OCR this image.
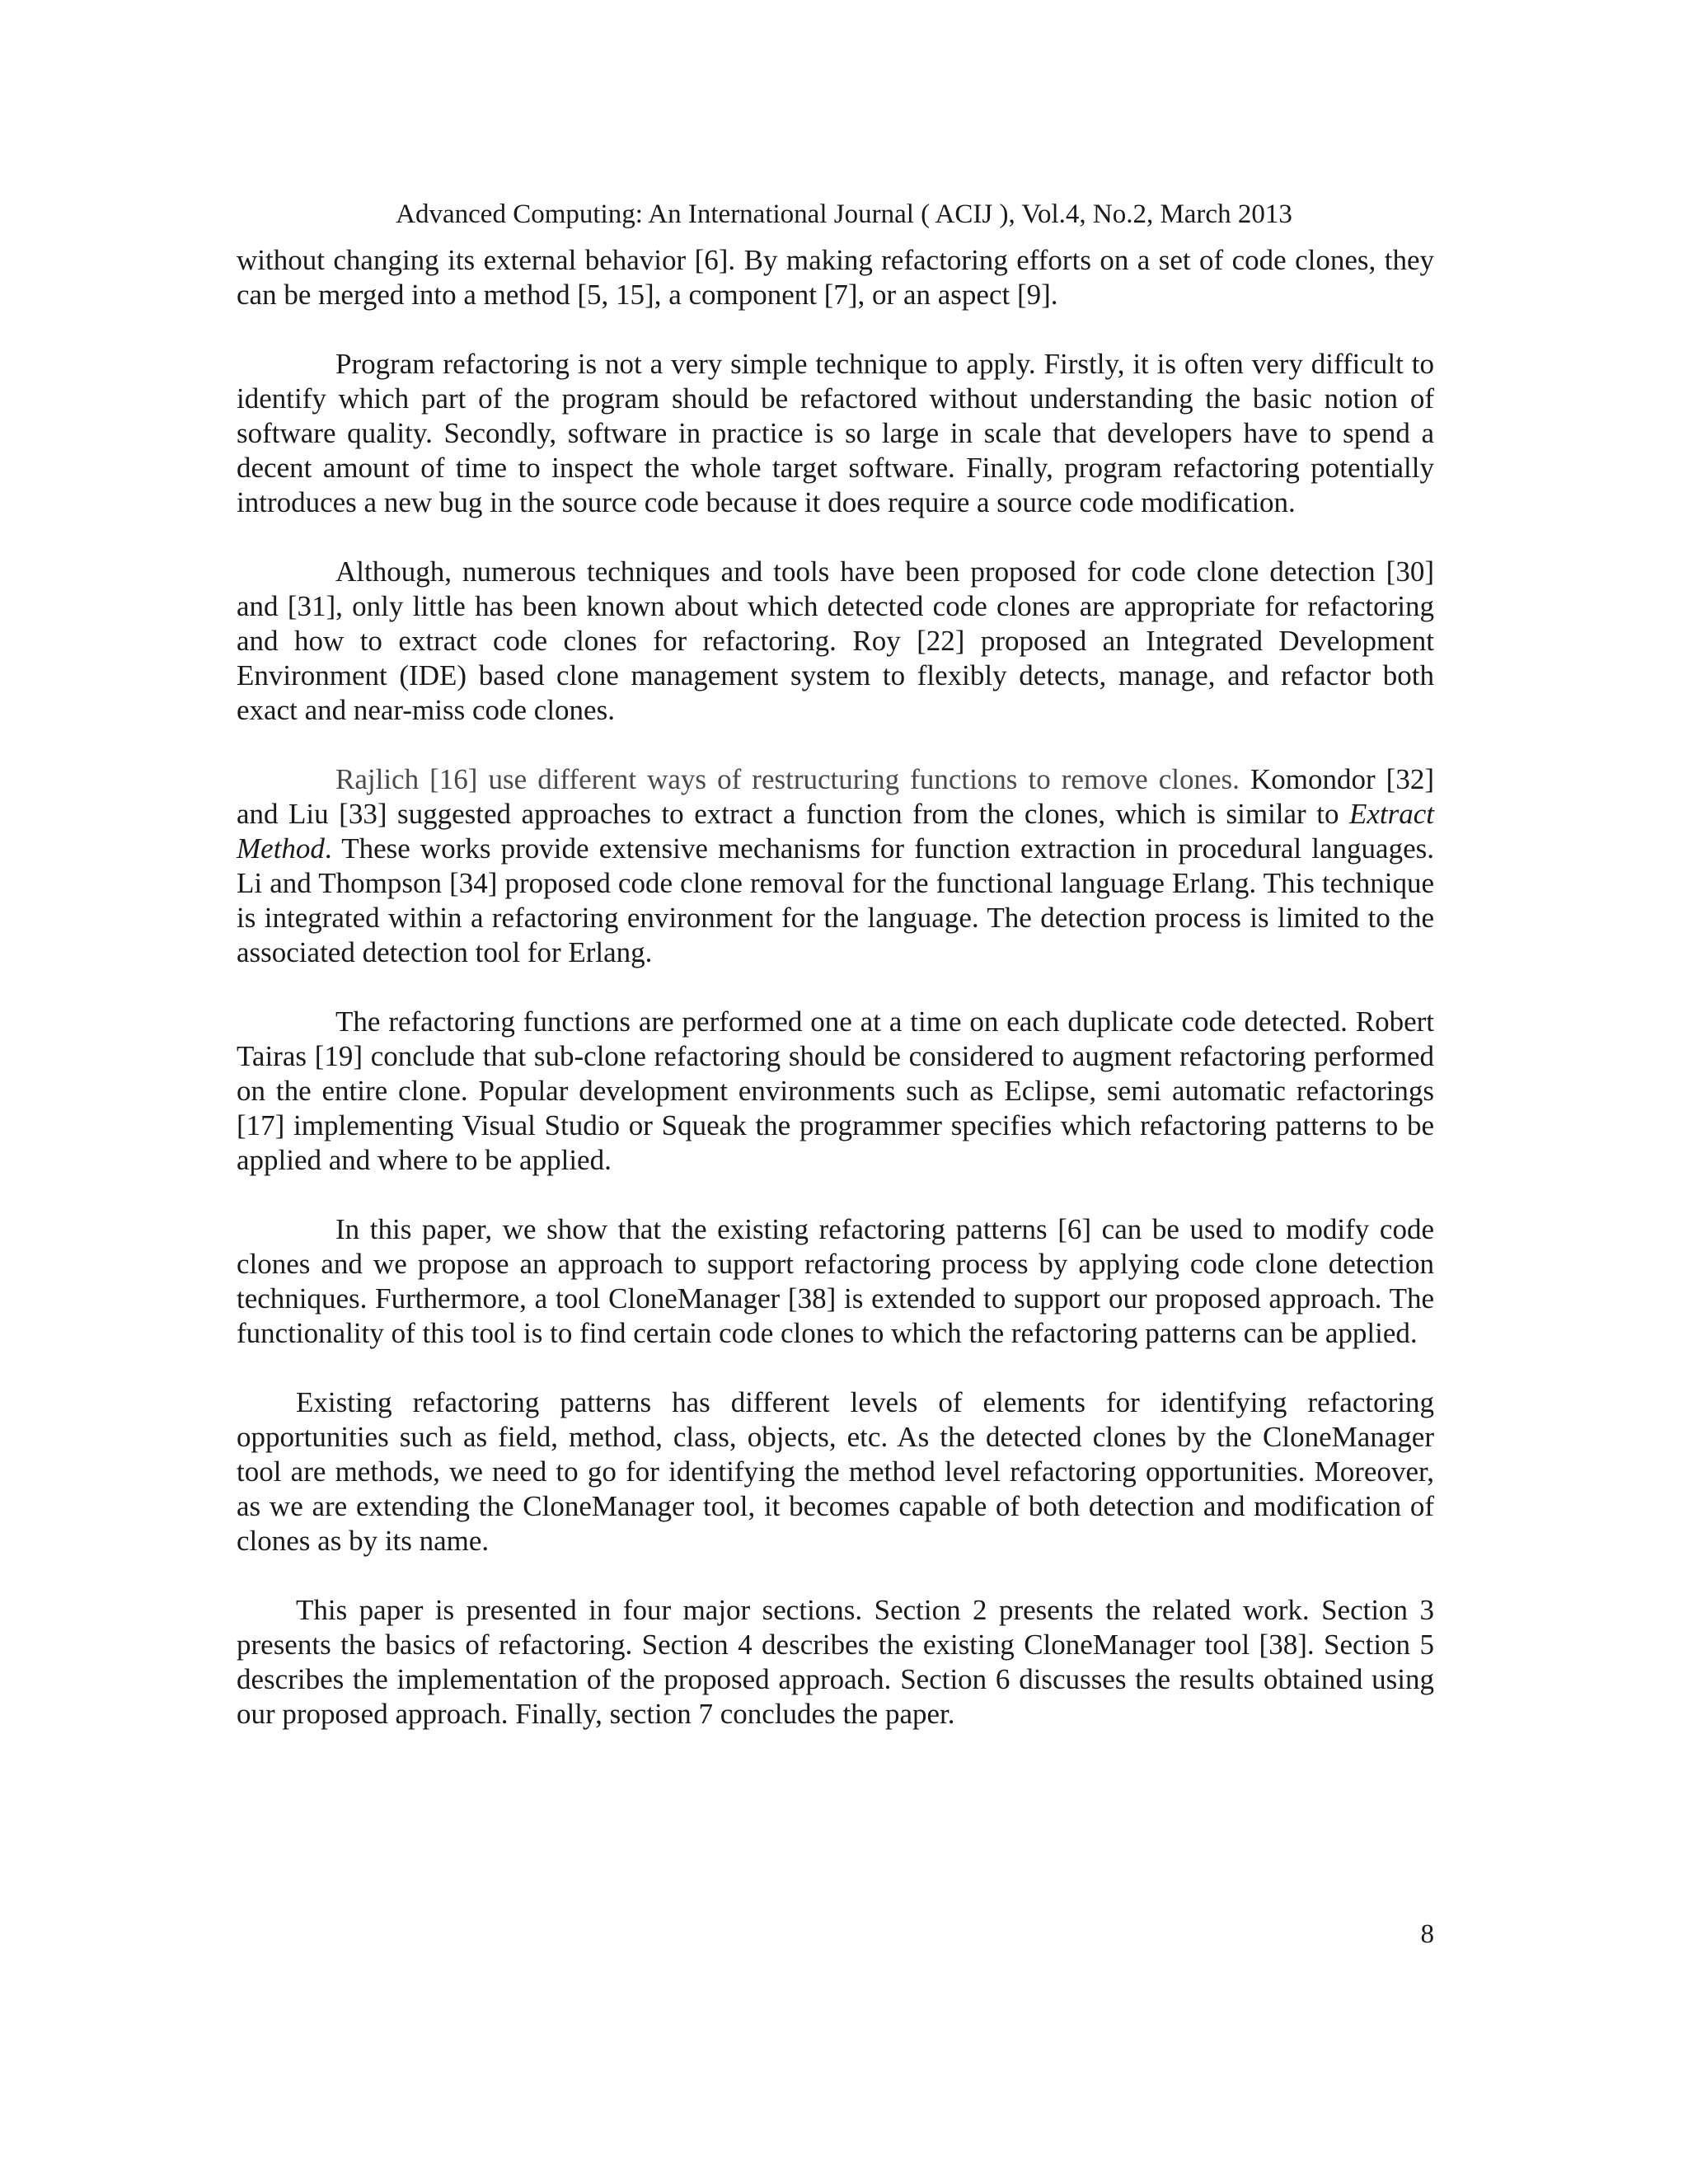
Advanced Computing: An International Journal ( ACIJ ), Vol.4, No.2, March 2013

without changing its external behavior [6]. By making refactoring efforts on a set of code clones, they can be merged into a method [5, 15], a component [7], or an aspect [9].

Program refactoring is not a very simple technique to apply. Firstly, it is often very difficult to identify which part of the program should be refactored without understanding the basic notion of software quality. Secondly, software in practice is so large in scale that developers have to spend a decent amount of time to inspect the whole target software. Finally, program refactoring potentially introduces a new bug in the source code because it does require a source code modification.

Although, numerous techniques and tools have been proposed for code clone detection [30] and [31], only little has been known about which detected code clones are appropriate for refactoring and how to extract code clones for refactoring. Roy [22] proposed an Integrated Development Environment (IDE) based clone management system to flexibly detects, manage, and refactor both exact and near-miss code clones.

Rajlich [16] use different ways of restructuring functions to remove clones. Komondor [32] and Liu [33] suggested approaches to extract a function from the clones, which is similar to Extract Method. These works provide extensive mechanisms for function extraction in procedural languages. Li and Thompson [34] proposed code clone removal for the functional language Erlang. This technique is integrated within a refactoring environment for the language. The detection process is limited to the associated detection tool for Erlang.

The refactoring functions are performed one at a time on each duplicate code detected. Robert Tairas [19] conclude that sub-clone refactoring should be considered to augment refactoring performed on the entire clone. Popular development environments such as Eclipse, semi automatic refactorings [17] implementing Visual Studio or Squeak the programmer specifies which refactoring patterns to be applied and where to be applied.

In this paper, we show that the existing refactoring patterns [6] can be used to modify code clones and we propose an approach to support refactoring process by applying code clone detection techniques. Furthermore, a tool CloneManager [38] is extended to support our proposed approach. The functionality of this tool is to find certain code clones to which the refactoring patterns can be applied.

Existing refactoring patterns has different levels of elements for identifying refactoring opportunities such as field, method, class, objects, etc. As the detected clones by the CloneManager tool are methods, we need to go for identifying the method level refactoring opportunities. Moreover, as we are extending the CloneManager tool, it becomes capable of both detection and modification of clones as by its name.

This paper is presented in four major sections. Section 2 presents the related work. Section 3 presents the basics of refactoring. Section 4 describes the existing CloneManager tool [38]. Section 5 describes the implementation of the proposed approach. Section 6 discusses the results obtained using our proposed approach. Finally, section 7 concludes the paper.

8
